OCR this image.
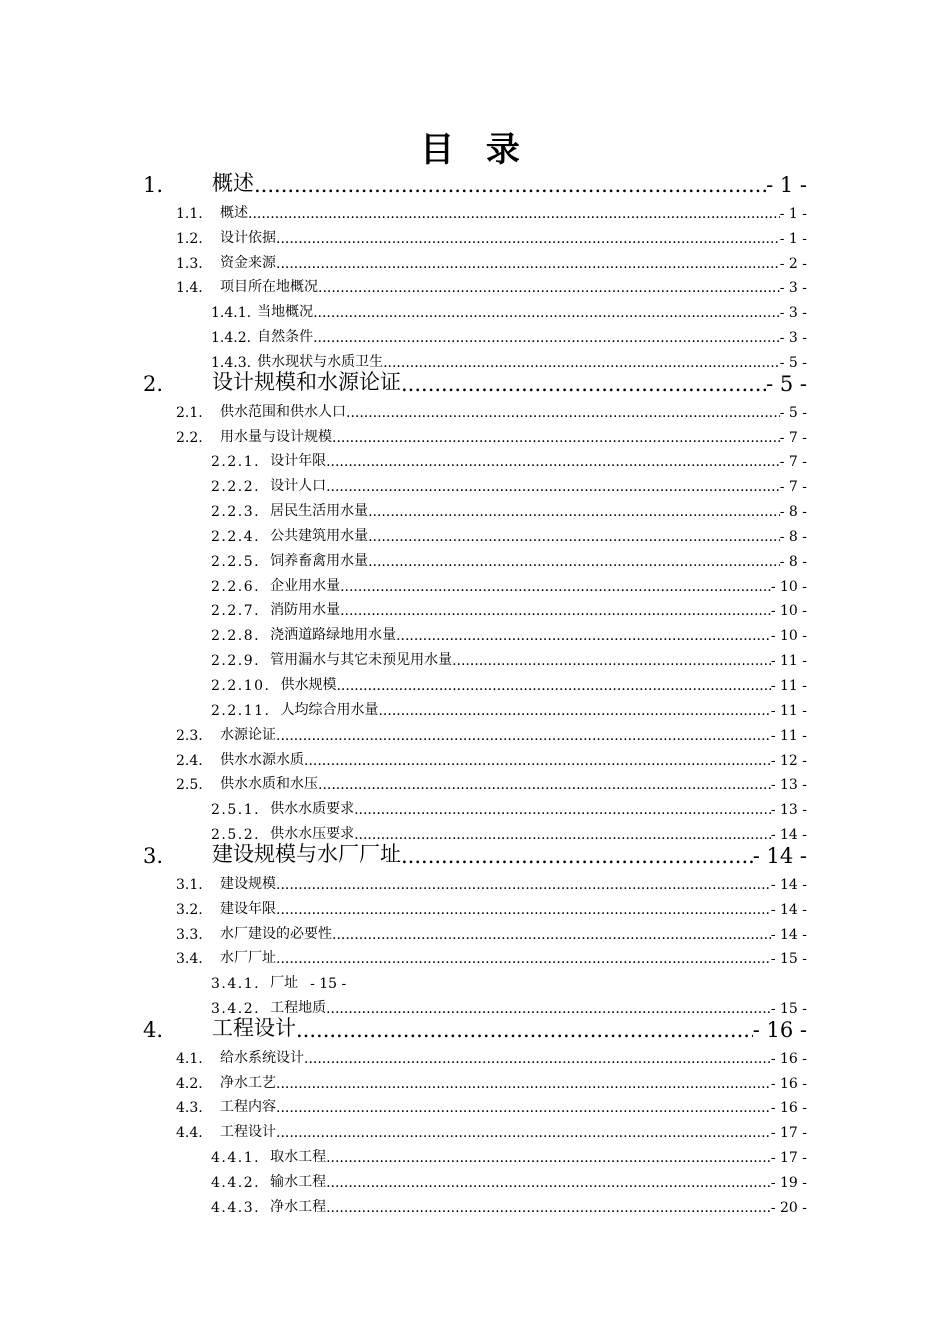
目 录
1.	概述 .....	- 1 -
1.1.	概述 .....	- 1 -
1.2.	设计依据 .....	- 1 -
1.3.	资金来源 .....	- 2 -
1.4.	项目所在地概况 .....	- 3 -
1.4.1. 当地概况 .....	- 3 -
1.4.2. 自然条件 .....	- 3 -
1.4.3. 供水现状与水质卫生 .....	- 5 -
2.	设计规模和水源论证 .....	- 5 -
2.1.	供水范围和供水人口 .....	- 5 -
2.2.	用水量与设计规模 .....	- 7 -
2.2.1. 设计年限 .....	- 7 -
2.2.2. 设计人口 .....	- 7 -
2.2.3. 居民生活用水量 .....	- 8 -
2.2.4. 公共建筑用水量 .....	- 8 -
2.2.5. 饲养畜禽用水量 .....	- 8 -
2.2.6. 企业用水量 .....	- 10 -
2.2.7. 消防用水量 .....	- 10 -
2.2.8. 浇洒道路绿地用水量 .....	- 10 -
2.2.9. 管用漏水与其它未预见用水量 .....	- 11 -
2.2.10. 供水规模 .....	- 11 -
2.2.11. 人均综合用水量 .....	- 11 -
2.3.	水源论证 .....	- 11 -
2.4.	供水水源水质 .....	- 12 -
2.5.	供水水质和水压 .....	- 13 -
2.5.1. 供水水质要求 .....	- 13 -
2.5.2. 供水水压要求 .....	- 14 -
3.	建设规模与水厂厂址 .....	- 14 -
3.1.	建设规模 .....	- 14 -
3.2.	建设年限 .....	- 14 -
3.3.	水厂建设的必要性 .....	- 14 -
3.4.	水厂厂址 .....	- 15 -
3.4.1. 厂址 - 15 -
3.4.2. 工程地质 .....	- 15 -
4.	工程设计 .....	- 16 -
4.1.	给水系统设计 .....	- 16 -
4.2.	净水工艺 .....	- 16 -
4.3.	工程内容 .....	- 16 -
4.4.	工程设计 .....	- 17 -
4.4.1. 取水工程 .....	- 17 -
4.4.2. 输水工程 .....	- 19 -
4.4.3. 净水工程 .....	- 20 -
